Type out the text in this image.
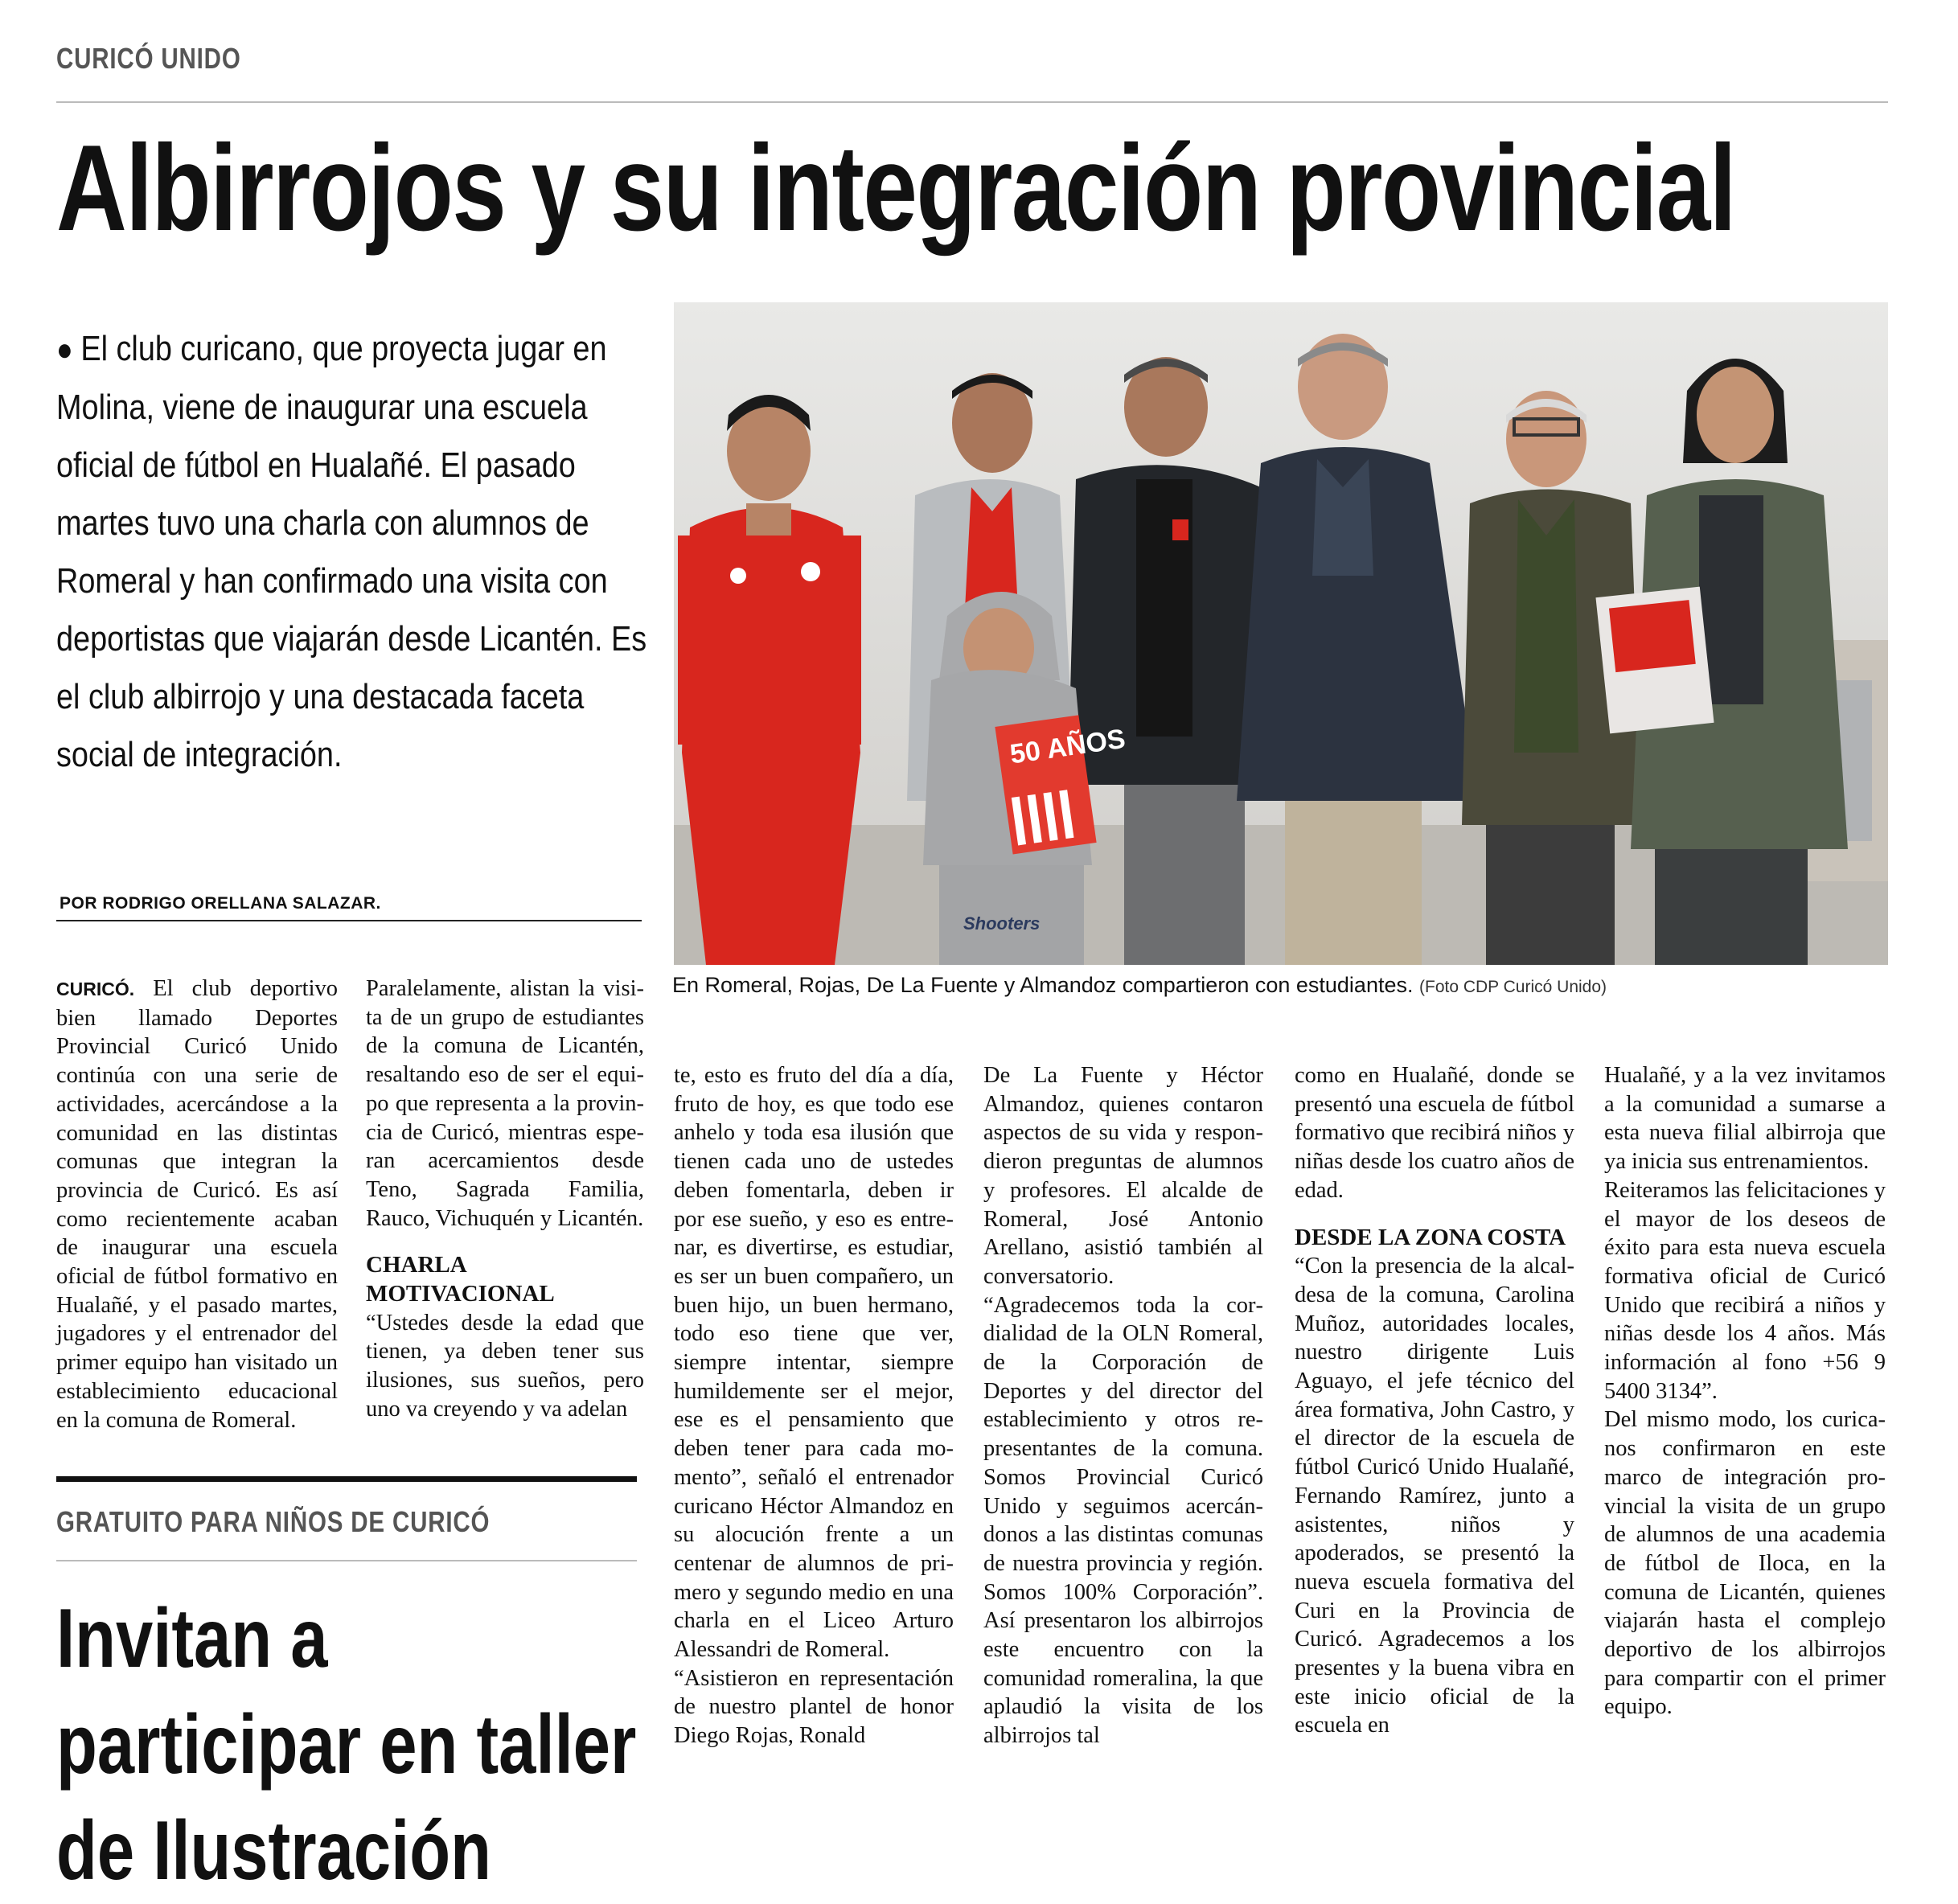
CURICÓ UNIDO
Albirrojos y su integración provincial
● El club curicano, que proyecta jugar en Molina, viene de inaugurar una escuela oficial de fútbol en Hualañé. El pasado martes tuvo una charla con alumnos de Romeral y han confirmado una visita con deportistas que viajarán desde Licantén. Es el club albirrojo y una destacada faceta social de integración.
POR RODRIGO ORELLANA SALAZAR.
50 AÑOS
Shooters
En Romeral, Rojas, De La Fuente y Almandoz compartieron con estudiantes. (Foto CDP Curicó Unido)

CURICÓ. El club deportivo bien llamado Deportes Provincial Curicó Unido continúa con una serie de actividades, acercándose a la comunidad en las distintas comunas que integran la provincia de Curicó. Es así como recientemente acaban de inaugurar una escuela oficial de fútbol formativo en Hualañé, y el pasado martes, jugadores y el entrenador del primer equipo han visitado un establecimiento educacional en la comuna de Romeral.

Paralelamente, alistan la visita de un grupo de estudiantes de la comuna de Licantén, resaltando eso de ser el equipo que representa a la provincia de Curicó, mientras esperan acercamientos desde Teno, Sagrada Familia, Rauco, Vichuquén y Licantén.

CHARLA MOTIVACIONAL

“Ustedes desde la edad que tienen, ya deben tener sus ilusiones, sus sueños, pero uno va creyendo y va adelan

te, esto es fruto del día a día, fruto de hoy, es que todo ese anhelo y toda esa ilusión que tienen cada uno de ustedes deben fomentarla, deben ir por ese sueño, y eso es entrenar, es divertirse, es estudiar, es ser un buen compañero, un buen hijo, un buen hermano, todo eso tiene que ver, siempre intentar, siempre humildemente ser el mejor, ese es el pensamiento que deben tener para cada momento”, señaló el entrenador curicano Héctor Almandoz en su alocución frente a un centenar de alumnos de primero y segundo medio en una charla en el Liceo Arturo Alessandri de Romeral.

“Asistieron en representación de nuestro plantel de honor Diego Rojas, Ronald

De La Fuente y Héctor Almandoz, quienes contaron aspectos de su vida y respondieron preguntas de alumnos y profesores. El alcalde de Romeral, José Antonio Arellano, asistió también al conversatorio.

“Agradecemos toda la cordialidad de la OLN Romeral, de la Corporación de Deportes y del director del establecimiento y otros representantes de la comuna. Somos Provincial Curicó Unido y seguimos acercándonos a las distintas comunas de nuestra provincia y región. Somos 100% Corporación”. Así presentaron los albirrojos este encuentro con la comunidad romeralina, la que aplaudió la visita de los albirrojos tal

como en Hualañé, donde se presentó una escuela de fútbol formativo que recibirá niños y niñas desde los cuatro años de edad.

DESDE LA ZONA COSTA

“Con la presencia de la alcaldesa de la comuna, Carolina Muñoz, autoridades locales, nuestro dirigente Luis Aguayo, el jefe técnico del área formativa, John Castro, y el director de la escuela de fútbol Curicó Unido Hualañé, Fernando Ramírez, junto a asistentes, niños y apoderados, se presentó la nueva escuela formativa del Curi en la Provincia de Curicó. Agradecemos a los presentes y la buena vibra en este inicio oficial de la escuela en

Hualañé, y a la vez invitamos a la comunidad a sumarse a esta nueva filial albirroja que ya inicia sus entrenamientos.

Reiteramos las felicitaciones y el mayor de los deseos de éxito para esta nueva escuela formativa oficial de Curicó Unido que recibirá a niños y niñas desde los 4 años. Más información al fono +56 9 5400 3134”.

Del mismo modo, los curicanos confirmaron en este marco de integración provincial la visita de un grupo de alumnos de una academia de fútbol de Iloca, en la comuna de Licantén, quienes viajarán hasta el complejo deportivo de los albirrojos para compartir con el primer equipo.

GRATUITO PARA NIÑOS DE CURICÓ
Invitan a
participar en taller
de Ilustración
